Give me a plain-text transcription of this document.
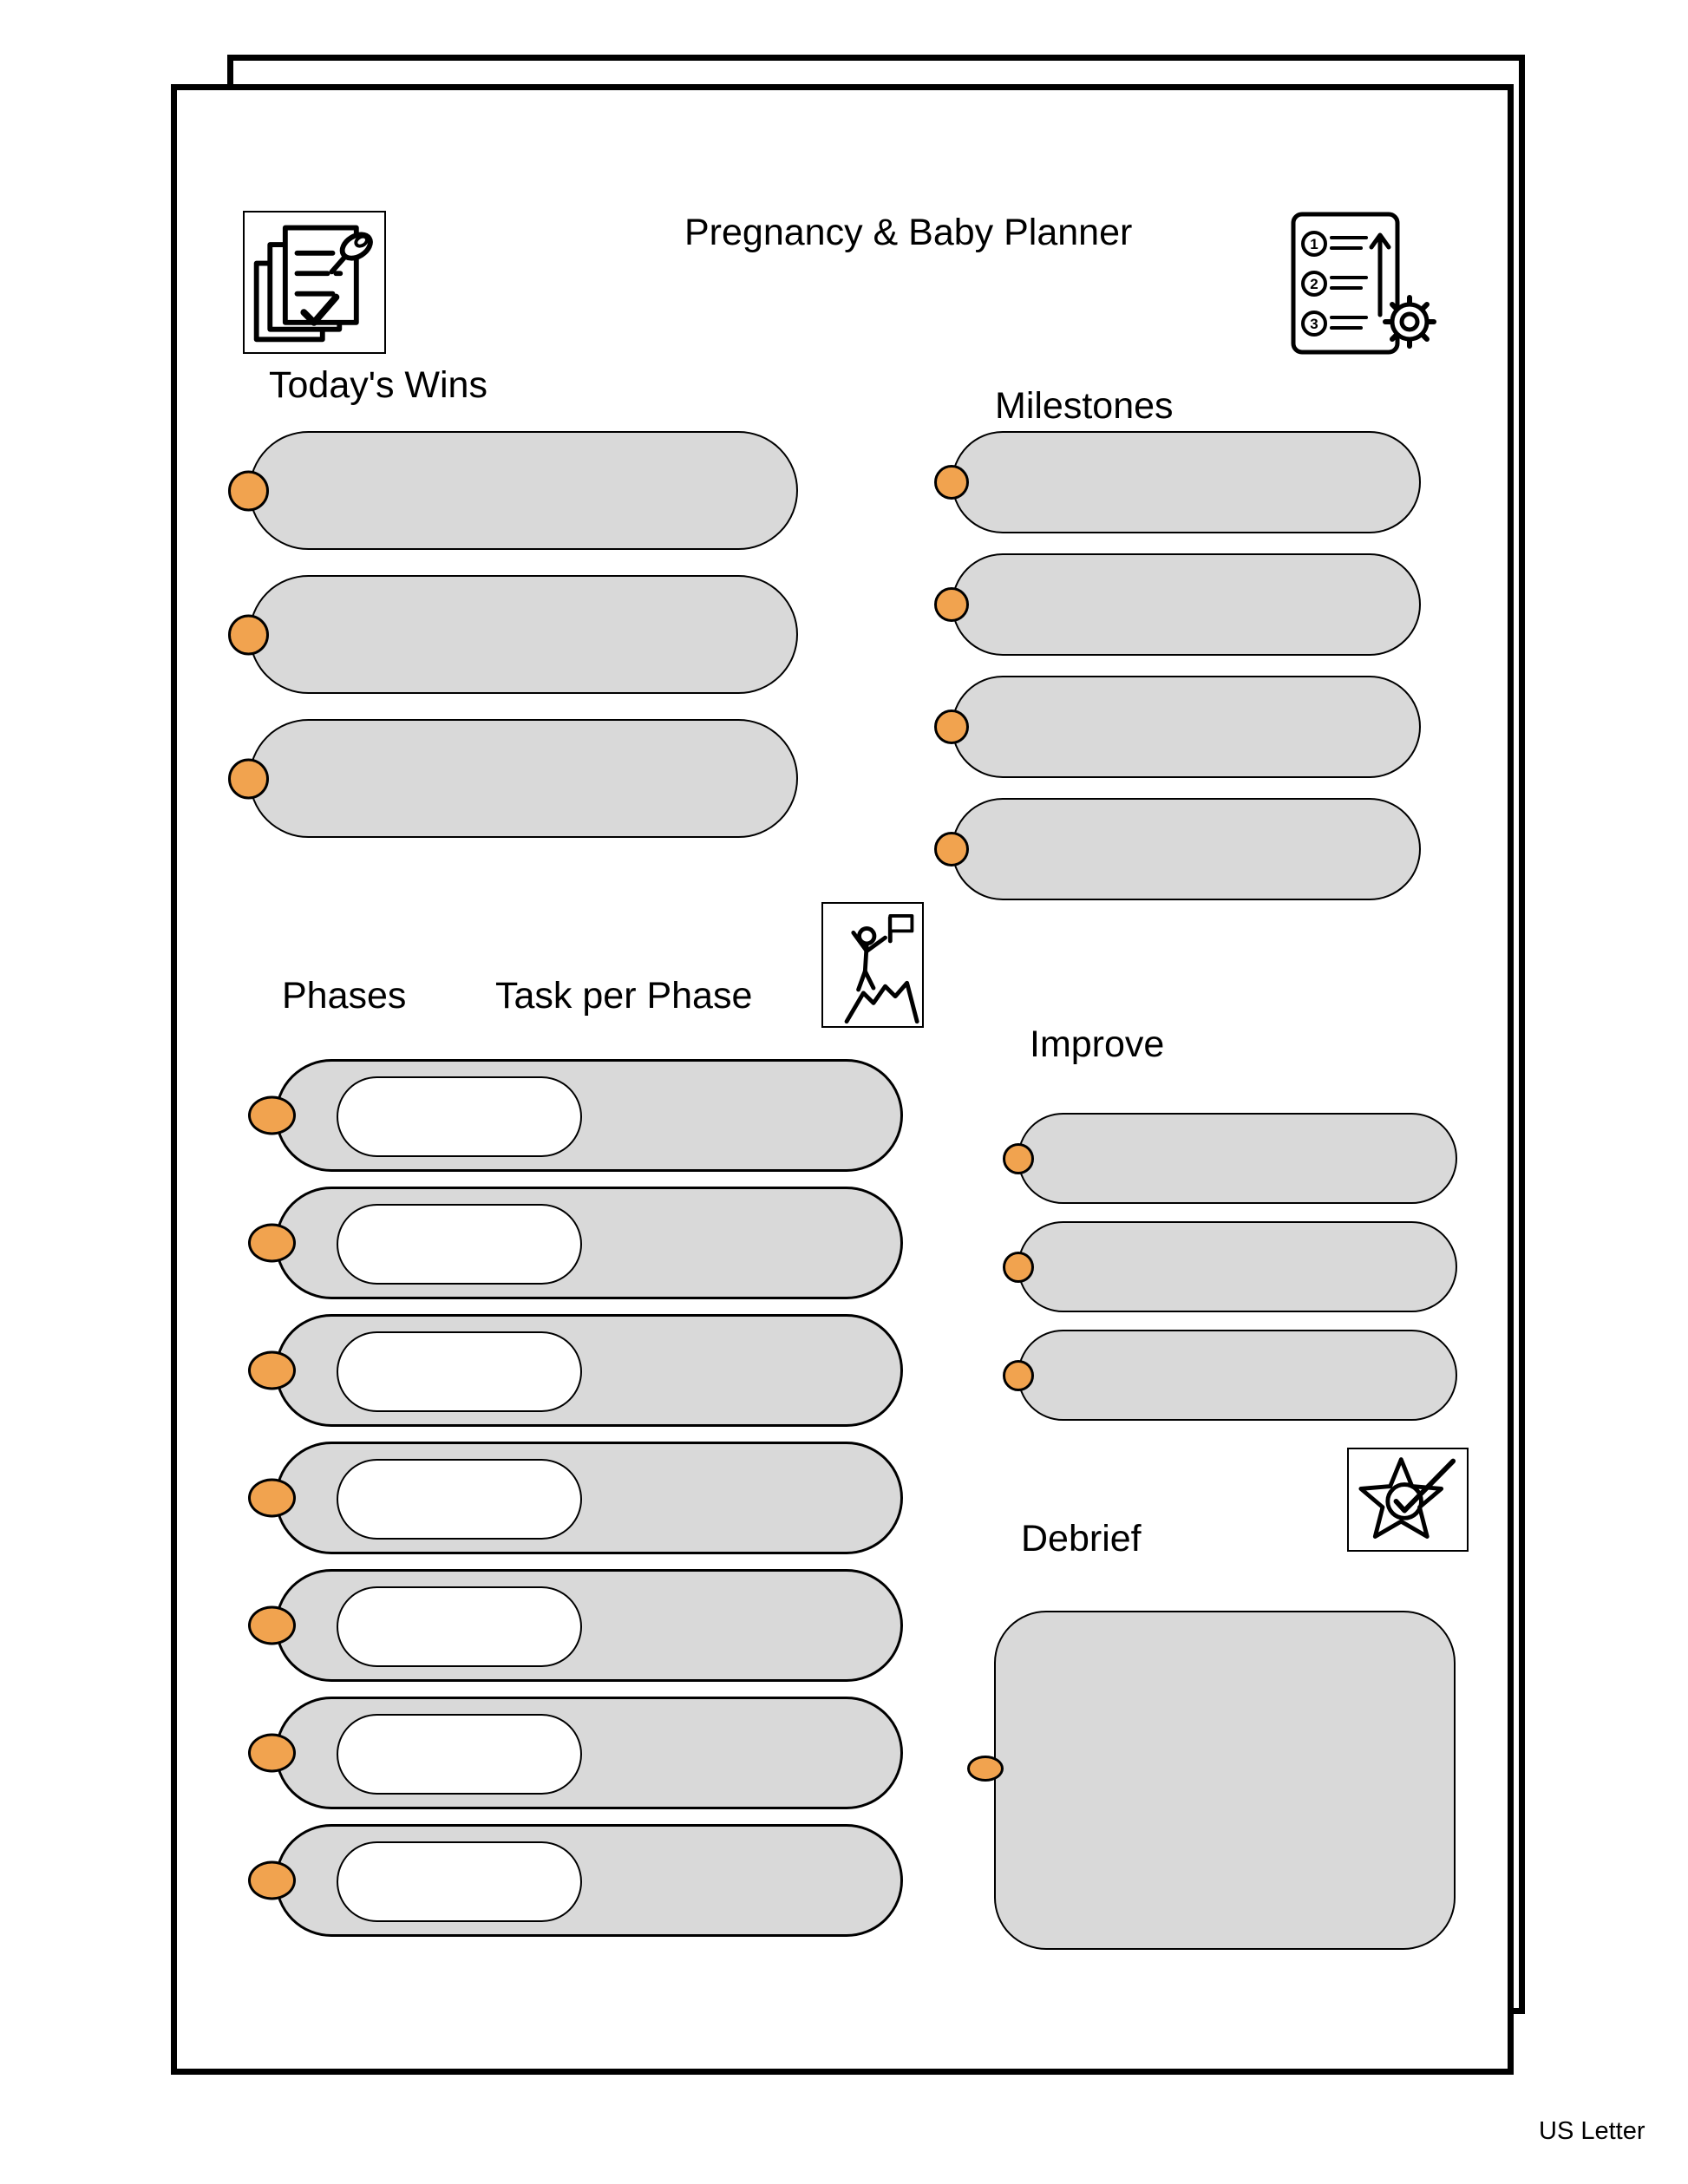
Pregnancy & Baby Planner	1
2
3
Today's Wins	Milestones
Phases Task per Phase
Improve
Debrief
US Letter
